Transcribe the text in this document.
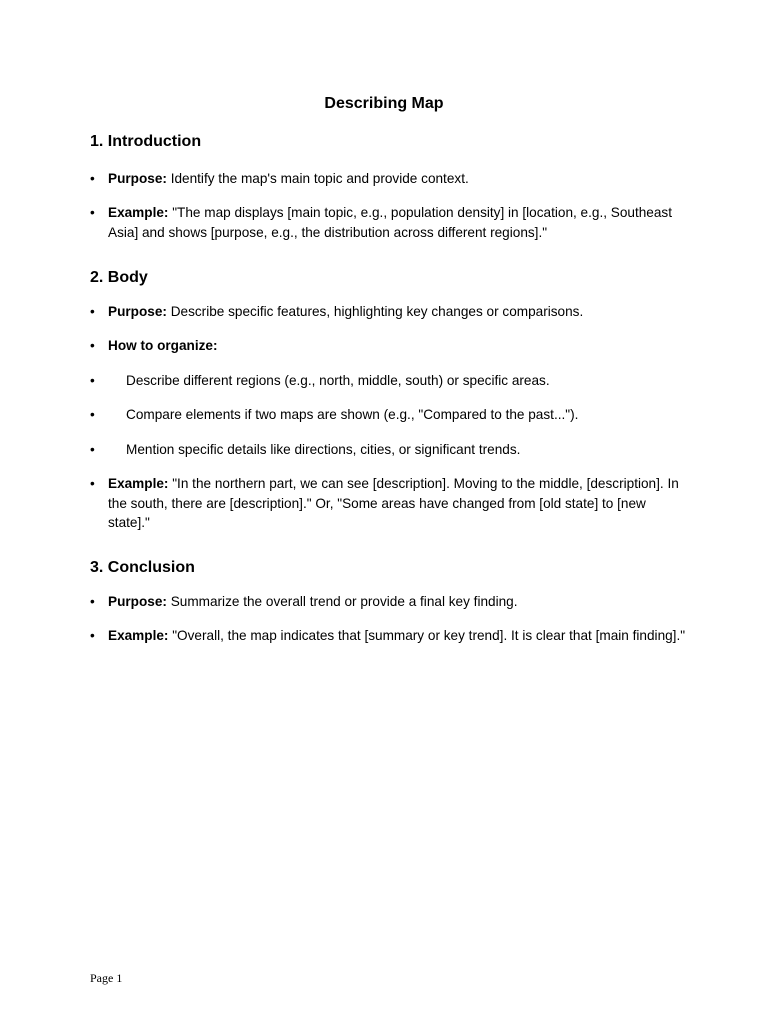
Describing Map
1. Introduction
• Purpose: Identify the map's main topic and provide context.
• Example: "The map displays [main topic, e.g., population density] in [location, e.g., Southeast Asia] and shows [purpose, e.g., the distribution across different regions]."
2. Body
• Purpose: Describe specific features, highlighting key changes or comparisons.
• How to organize:
•	Describe different regions (e.g., north, middle, south) or specific areas.
•	Compare elements if two maps are shown (e.g., "Compared to the past...").
•	Mention specific details like directions, cities, or significant trends.
• Example: "In the northern part, we can see [description]. Moving to the middle, [description]. In the south, there are [description]." Or, "Some areas have changed from [old state] to [new state]."
3. Conclusion
• Purpose: Summarize the overall trend or provide a final key finding.
• Example: "Overall, the map indicates that [summary or key trend]. It is clear that [main finding]."
Page 1
